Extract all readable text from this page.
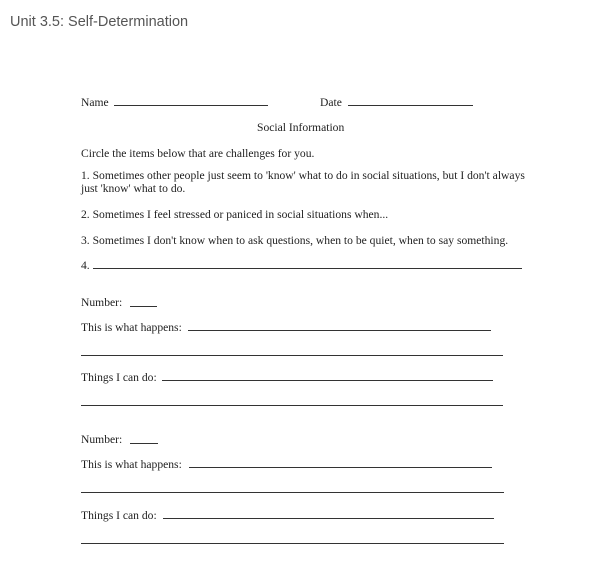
Unit 3.5: Self-Determination
Name	Date
Social Information
Circle the items below that are challenges for you.
1. Sometimes other people just seem to 'know' what to do in social situations, but I don't always just 'know' what to do.
2. Sometimes I feel stressed or paniced in social situations when...
3. Sometimes I don't know when to ask questions, when to be quiet, when to say something.
4.
Number:
This is what happens:
Things I can do:
Number:
This is what happens:
Things I can do:
